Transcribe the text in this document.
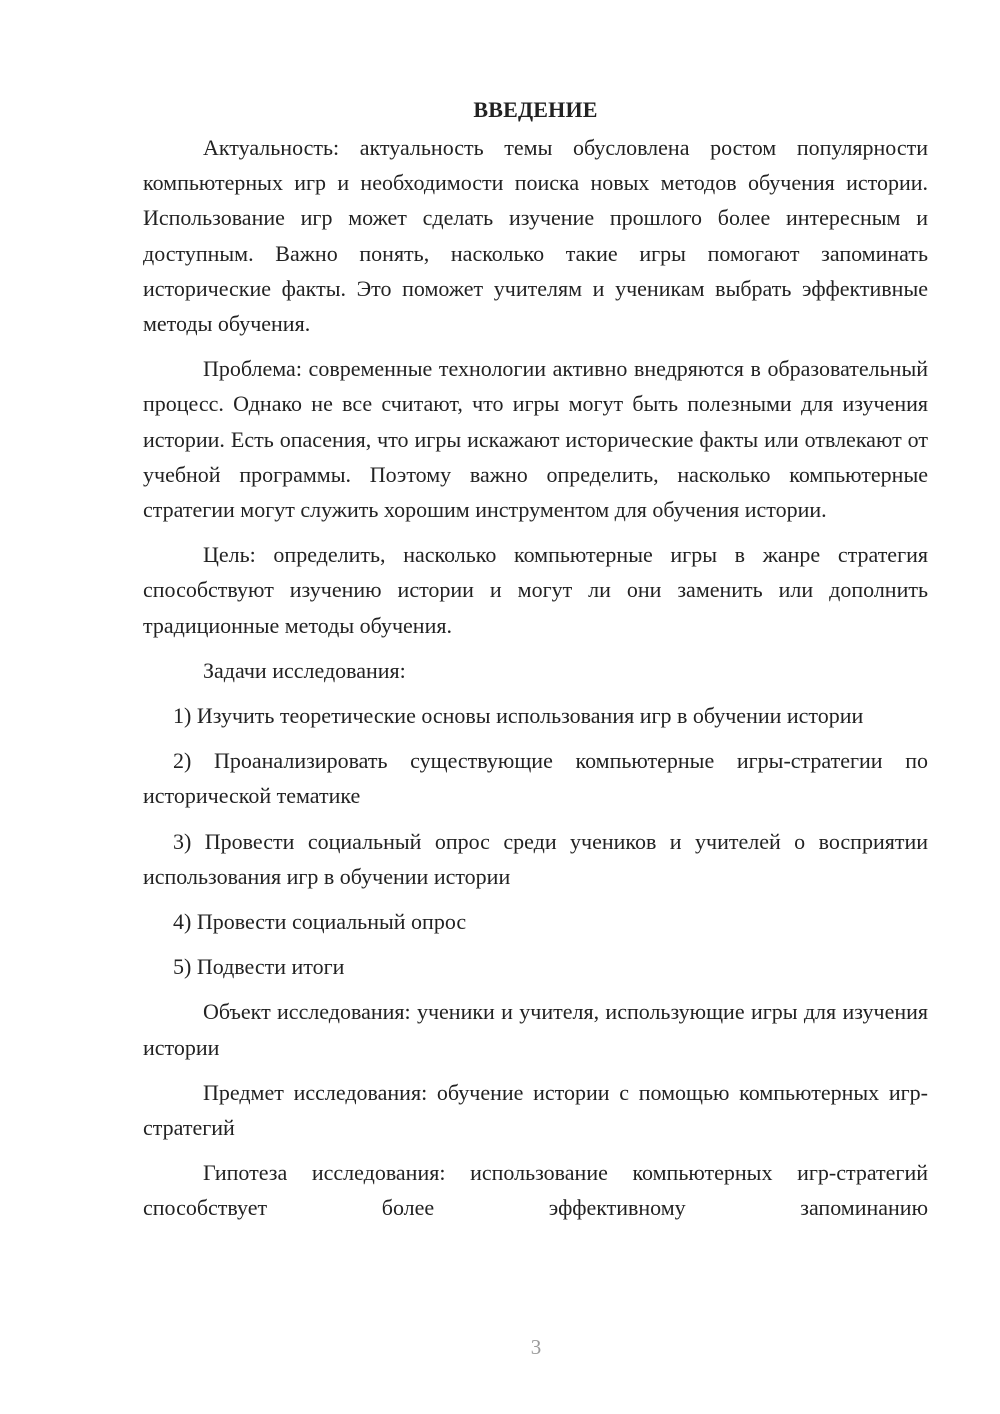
ВВЕДЕНИЕ

Актуальность: актуальность темы обусловлена ростом популярности компьютерных игр и необходимости поиска новых методов обучения истории. Использование игр может сделать изучение прошлого более интересным и доступным. Важно понять, насколько такие игры помогают запоминать исторические факты. Это поможет учителям и ученикам выбрать эффективные методы обучения.

Проблема: современные технологии активно внедряются в образовательный процесс. Однако не все считают, что игры могут быть полезными для изучения истории. Есть опасения, что игры искажают исторические факты или отвлекают от учебной программы. Поэтому важно определить, насколько компьютерные стратегии могут служить хорошим инструментом для обучения истории.

Цель: определить, насколько компьютерные игры в жанре стратегия способствуют изучению истории и могут ли они заменить или дополнить традиционные методы обучения.

Задачи исследования:

1) Изучить теоретические основы использования игр в обучении истории

2) Проанализировать существующие компьютерные игры-стратегии по исторической тематике

3) Провести социальный опрос среди учеников и учителей о восприятии использования игр в обучении истории

4) Провести социальный опрос

5) Подвести итоги

Объект исследования: ученики и учителя, использующие игры для изучения истории

Предмет исследования: обучение истории с помощью компьютерных игр-стратегий

Гипотеза исследования: использование компьютерных игр-стратегий способствует более эффективному запоминанию

3
